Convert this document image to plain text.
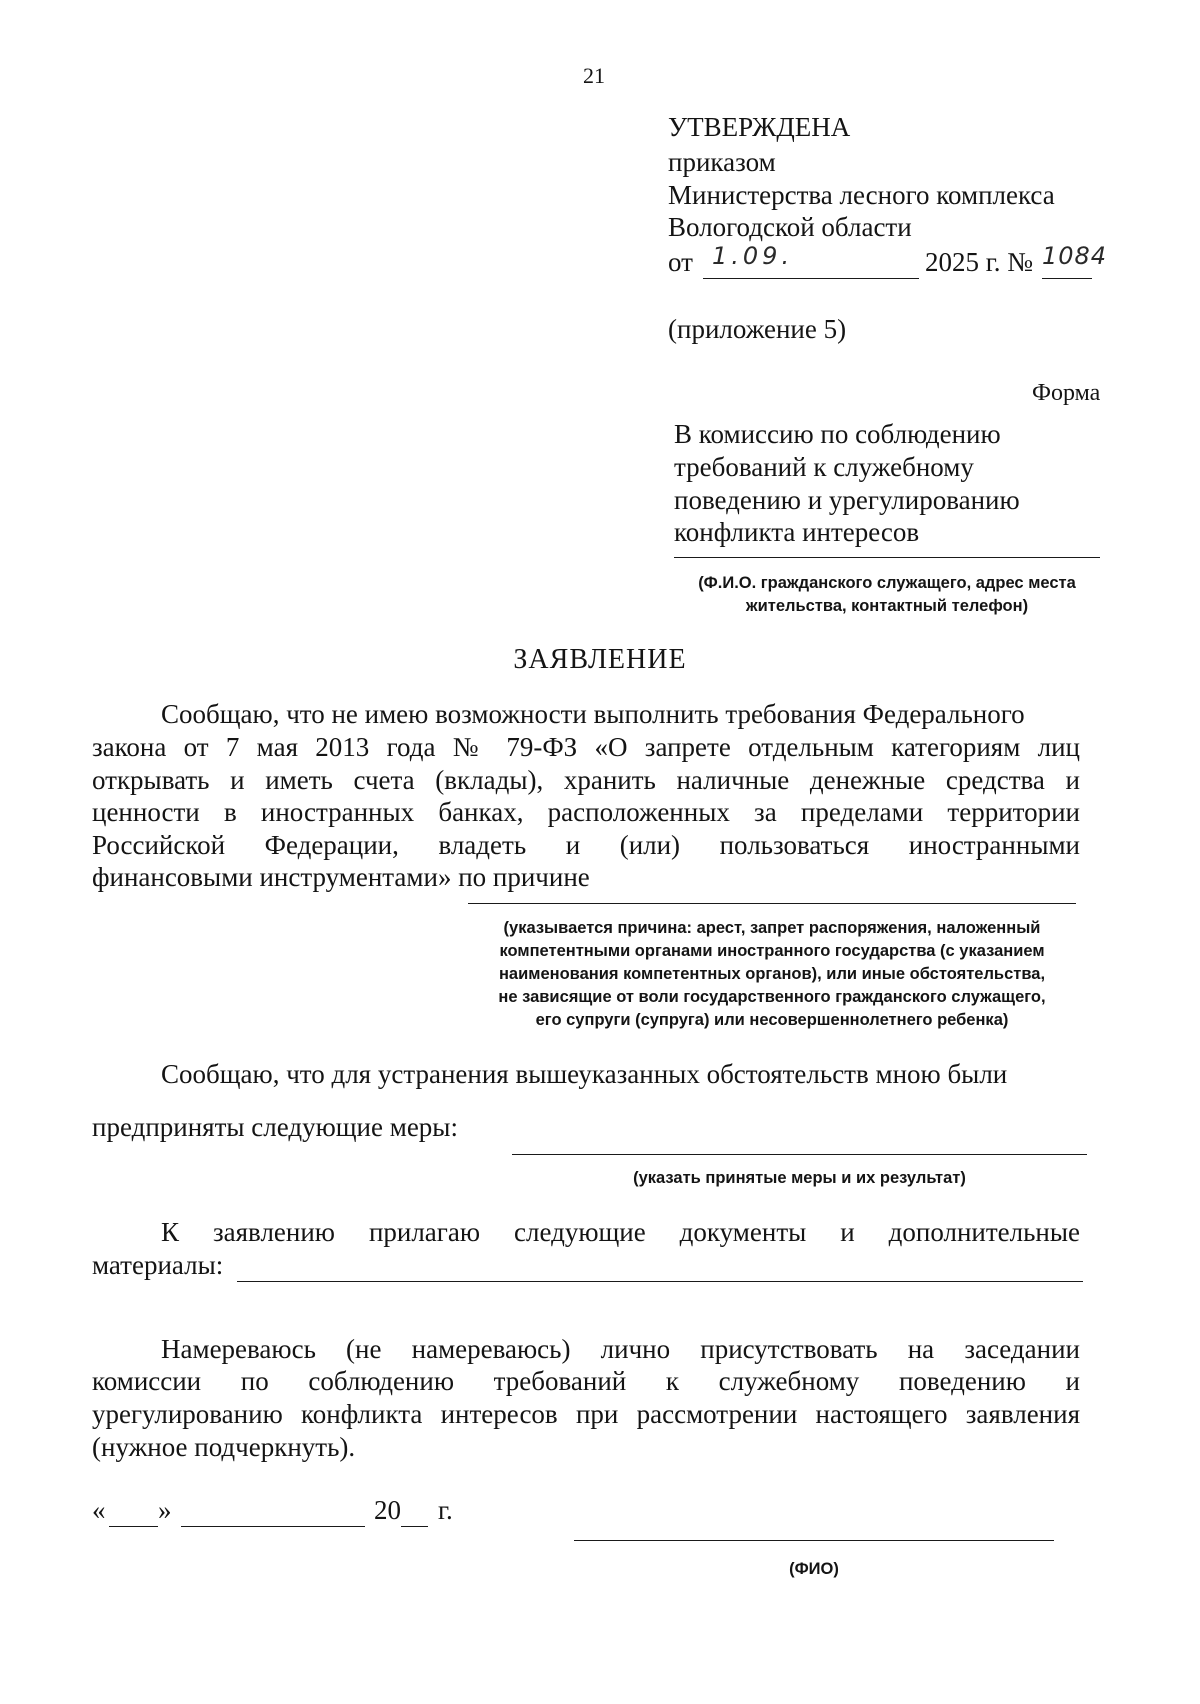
21
УТВЕРЖДЕНА
приказом
Министерства лесного комплекса
Вологодской области
от 1.09.	2025 г. № 1084
(приложение 5)
Форма
В комиссию по соблюдению
требований к служебному
поведению и урегулированию
конфликта интересов
(Ф.И.О. гражданского служащего, адрес места
жительства, контактный телефон)
ЗАЯВЛЕНИЕ
Сообщаю, что не имею возможности выполнить требования Федерального
закона от 7 мая 2013 года № 79-ФЗ «О запрете отдельным категориям лиц
открывать и иметь счета (вклады), хранить наличные денежные средства и
ценности в иностранных банках, расположенных за пределами территории
Российской Федерации, владеть и (или) пользоваться иностранными
финансовыми инструментами» по причине
(указывается причина: арест, запрет распоряжения, наложенный
компетентными органами иностранного государства (с указанием
наименования компетентных органов), или иные обстоятельства,
не зависящие от воли государственного гражданского служащего,
его супруги (супруга) или несовершеннолетнего ребенка)
Сообщаю, что для устранения вышеуказанных обстоятельств мною были
предприняты следующие меры:
(указать принятые меры и их результат)
К заявлению прилагаю следующие документы и дополнительные
материалы:
Намереваюсь (не намереваюсь) лично присутствовать на заседании
комиссии по соблюдению требований к служебному поведению и
урегулированию конфликта интересов при рассмотрении настоящего заявления
(нужное подчеркнуть).
« »	20 г.
(ФИО)
